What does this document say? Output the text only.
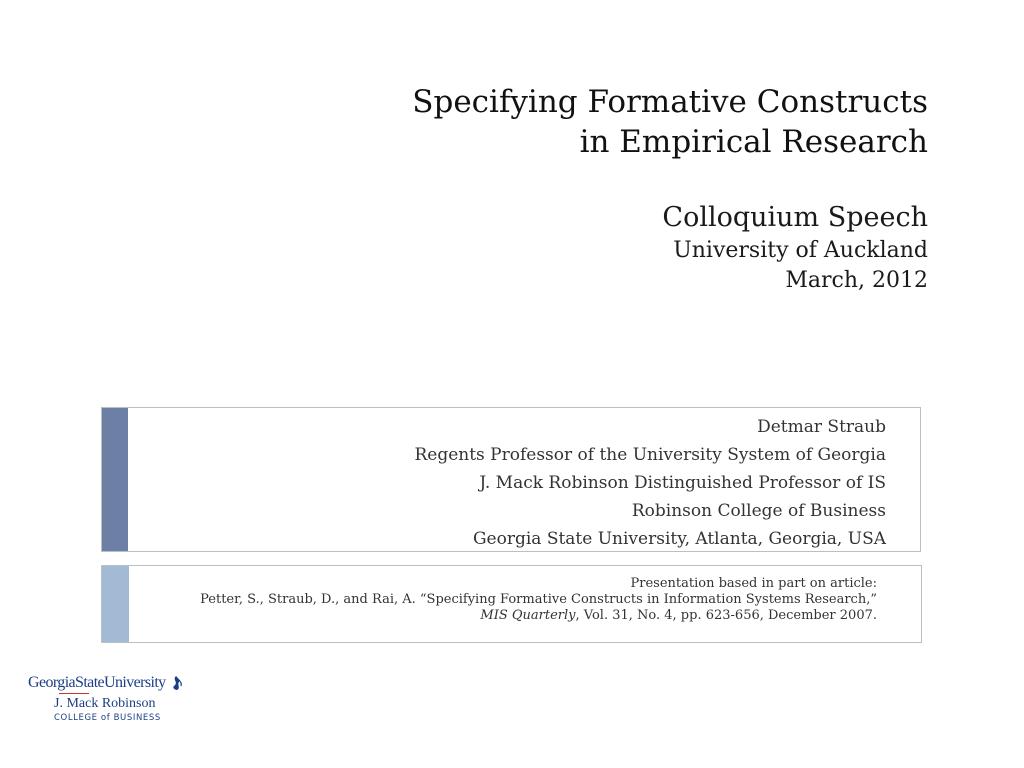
Specifying Formative Constructs
in Empirical Research
Colloquium Speech
University of Auckland
March, 2012
Detmar Straub
Regents Professor of the University System of Georgia
J. Mack Robinson Distinguished Professor of IS
Robinson College of Business
Georgia State University, Atlanta, Georgia, USA
Presentation based in part on article:
Petter, S., Straub, D., and Rai, A. “Specifying Formative Constructs in Information Systems Research,”
MIS Quarterly, Vol. 31, No. 4, pp. 623-656, December 2007.
GeorgiaStateUniversity
J. Mack Robinson
COLLEGE of BUSINESS
